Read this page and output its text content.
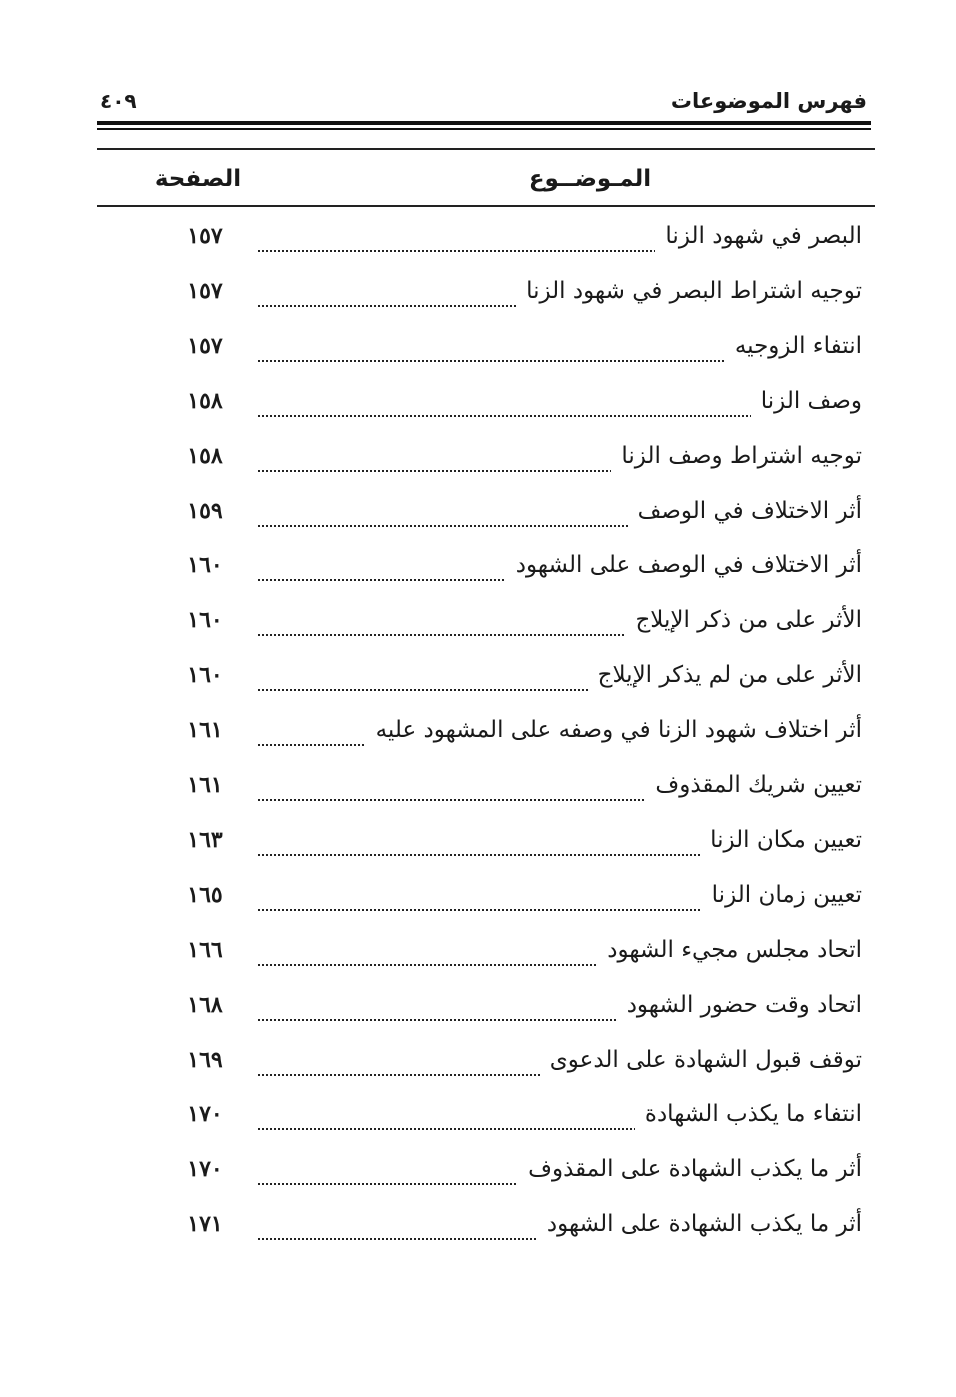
فهرس الموضوعات
٤٠٩
المـوضــوع
الصفحة
البصر في شهود الزنا
١٥٧
توجيه اشتراط البصر في شهود الزنا
١٥٧
انتفاء الزوجيه
١٥٧
وصف الزنا
١٥٨
توجيه اشتراط وصف الزنا
١٥٨
أثر الاختلاف في الوصف
١٥٩
أثر الاختلاف في الوصف على الشهود
١٦٠
الأثر على من ذكر الإيلاج
١٦٠
الأثر على من لم يذكر الإيلاج
١٦٠
أثر اختلاف شهود الزنا في وصفه على المشهود عليه
١٦١
تعيين شريك المقذوف
١٦١
تعيين مكان الزنا
١٦٣
تعيين زمان الزنا
١٦٥
اتحاد مجلس مجيء الشهود
١٦٦
اتحاد وقت حضور الشهود
١٦٨
توقف قبول الشهادة على الدعوى
١٦٩
انتفاء ما يكذب الشهادة
١٧٠
أثر ما يكذب الشهادة على المقذوف
١٧٠
أثر ما يكذب الشهادة على الشهود
١٧١
